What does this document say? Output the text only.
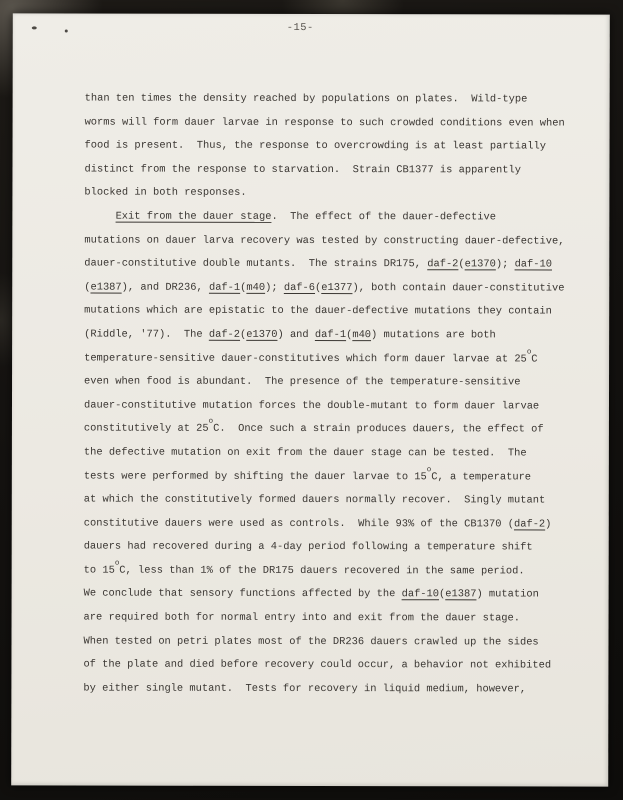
-15-
than ten times the density reached by populations on plates.  Wild-type
worms will form dauer larvae in response to such crowded conditions even when
food is present.  Thus, the response to overcrowding is at least partially
distinct from the response to starvation.  Strain CB1377 is apparently
blocked in both responses.
Exit from the dauer stage.  The effect of the dauer-defective
mutations on dauer larva recovery was tested by constructing dauer-defective,
dauer-constitutive double mutants.  The strains DR175, daf-2(e1370); daf-10
(e1387), and DR236, daf-1(m40); daf-6(e1377), both contain dauer-constitutive
mutations which are epistatic to the dauer-defective mutations they contain
(Riddle, '77).  The daf-2(e1370) and daf-1(m40) mutations are both
temperature-sensitive dauer-constitutives which form dauer larvae at 25$^o$C
even when food is abundant.  The presence of the temperature-sensitive
dauer-constitutive mutation forces the double-mutant to form dauer larvae
constitutively at 25$^o$C.  Once such a strain produces dauers, the effect of
the defective mutation on exit from the dauer stage can be tested.  The
tests were performed by shifting the dauer larvae to 15$^o$C, a temperature
at which the constitutively formed dauers normally recover.  Singly mutant
constitutive dauers were used as controls.  While 93% of the CB1370 (daf-2)
dauers had recovered during a 4-day period following a temperature shift
to 15$^o$C, less than 1% of the DR175 dauers recovered in the same period.
We conclude that sensory functions affected by the daf-10(e1387) mutation
are required both for normal entry into and exit from the dauer stage.
When tested on petri plates most of the DR236 dauers crawled up the sides
of the plate and died before recovery could occur, a behavior not exhibited
by either single mutant.  Tests for recovery in liquid medium, however,
